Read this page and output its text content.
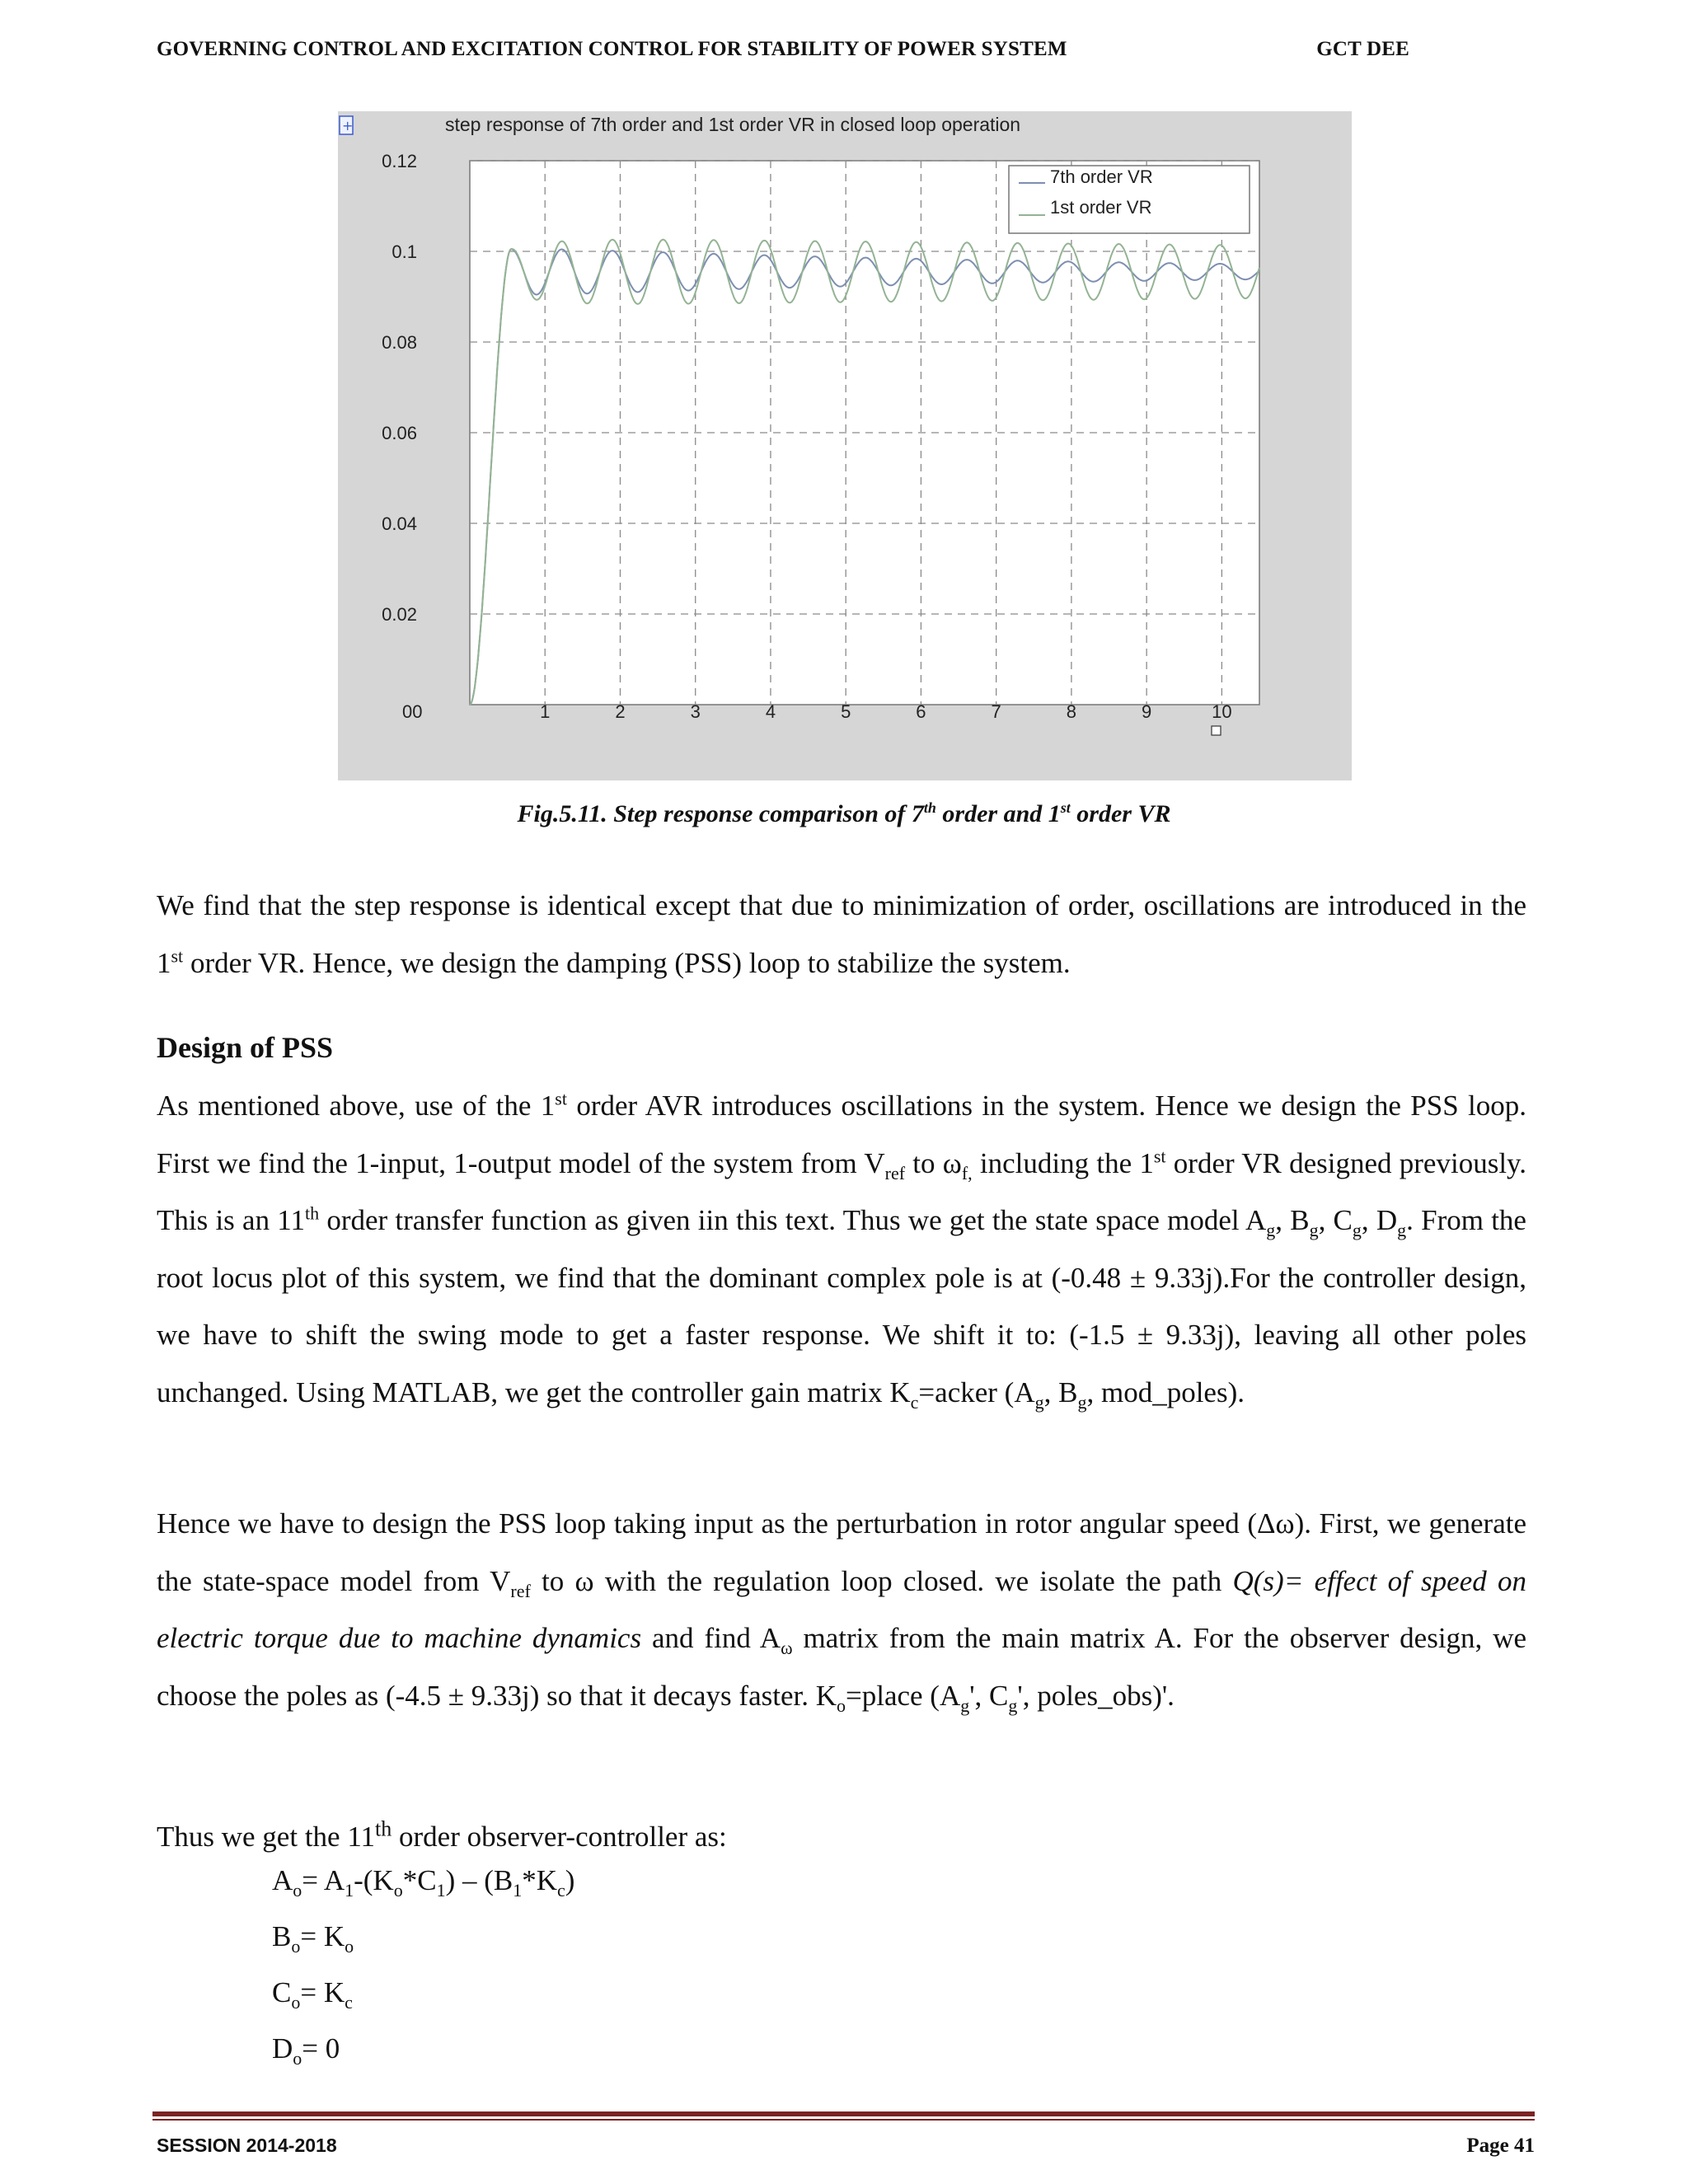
GOVERNING CONTROL AND EXCITATION CONTROL FOR STABILITY OF POWER SYSTEM	GCT DEE
+	step response of 7th order and 1st order VR in closed loop operation
0.12
0.1
0.08
0.06
0.04
0.02
1	2	3	4	5	6	7	8	9	10
00
7th order VR
1st order VR
Fig.5.11. Step response comparison of 7th order and 1st order VR

We find that the step response is identical except that due to minimization of order, oscillations are introduced in the 1st order VR. Hence, we design the damping (PSS) loop to stabilize the system.

Design of PSS

As mentioned above, use of the 1st order AVR introduces oscillations in the system. Hence we design the PSS loop. First we find the 1-input, 1-output model of the system from $V_{ref}$ to $\omega_{f,}$ including the 1st order VR designed previously. This is an 11th order transfer function as given iin this text. Thus we get the state space model $A_g$, $B_g$, $C_g$, $D_g$. From the root locus plot of this system, we find that the dominant complex pole is at (-0.48 ± 9.33j).For the controller design, we have to shift the swing mode to get a faster response. We shift it to: (-1.5 ± 9.33j), leaving all other poles unchanged. Using MATLAB, we get the controller gain matrix $K_c=acker$ ($A_g$, $B_g$, mod_poles).

Hence we have to design the PSS loop taking input as the perturbation in rotor angular speed (Δω). First, we generate the state-space model from $V_{ref}$ to ω with the regulation loop closed. we isolate the path Q(s)= effect of speed on electric torque due to machine dynamics and find $A_\omega$ matrix from the main matrix A. For the observer design, we choose the poles as (-4.5 ± 9.33j) so that it decays faster. $K_o=place$ ($A_g'$, $C_g'$, poles_obs)'.

Thus we get the 11th order observer-controller as:

$A_o= A_1-(K_o*C_1) - (B_1*K_c)$
$B_o= K_o$
$C_o= K_c$
$D_o= 0$
SESSION 2014-2018	Page 41
